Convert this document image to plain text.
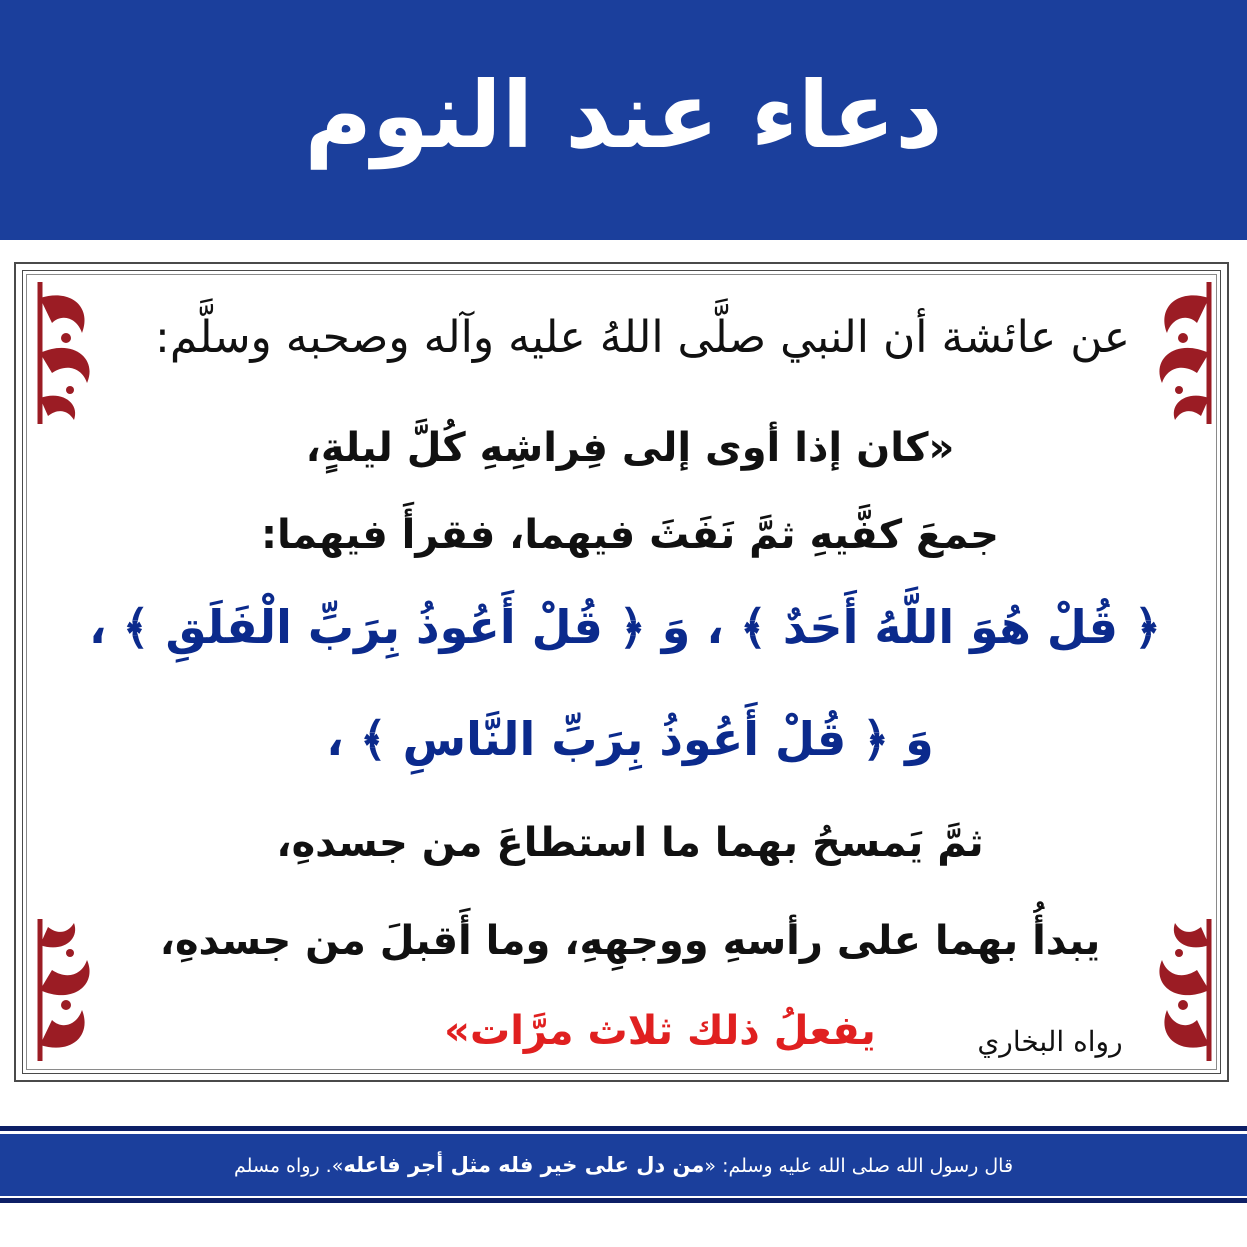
دعاء عند النوم
عن عائشة أن النبي صلَّى اللهُ عليه وآله وصحبه وسلَّم:
«كان إذا أوى إلى فِراشِهِ كُلَّ ليلةٍ،
جمعَ كفَّيهِ ثمَّ نَفَثَ فيهما، فقرأَ فيهما:
﴿ قُلْ هُوَ اللَّهُ أَحَدٌ ﴾ ، وَ ﴿ قُلْ أَعُوذُ بِرَبِّ الْفَلَقِ ﴾ ،
وَ ﴿ قُلْ أَعُوذُ بِرَبِّ النَّاسِ ﴾ ،
ثمَّ يَمسحُ بهما ما استطاعَ من جسدهِ،
يبدأُ بهما على رأسهِ ووجهِهِ، وما أَقبلَ من جسدهِ،
يفعلُ ذلك ثلاث مرَّات»	رواه البخاري
قال رسول الله صلى الله عليه وسلم: «من دل على خير فله مثل أجر فاعله». رواه مسلم
